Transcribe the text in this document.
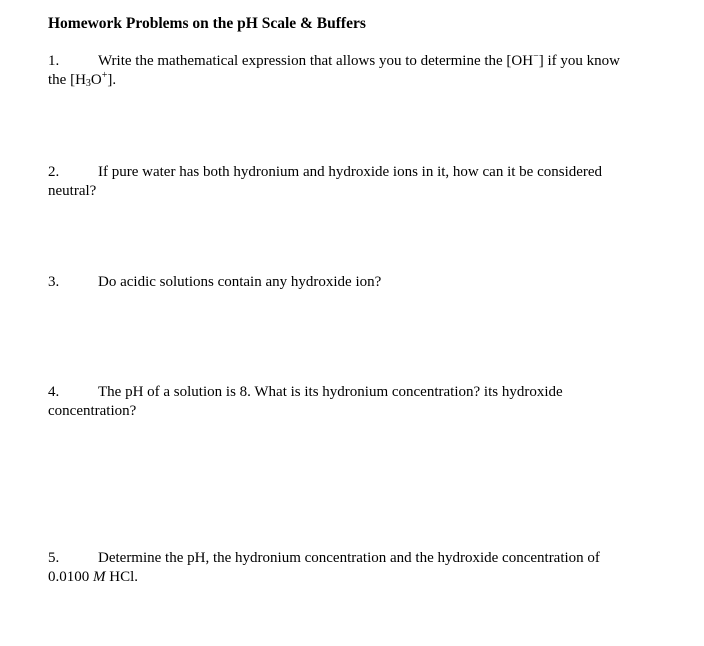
Homework Problems on the pH Scale & Buffers
1.	Write the mathematical expression that allows you to determine the [OH−] if you know
the $[H_3O^+]$.
2.	If pure water has both hydronium and hydroxide ions in it, how can it be considered
neutral?
3.	Do acidic solutions contain any hydroxide ion?
4.	The pH of a solution is 8. What is its hydronium concentration? its hydroxide
concentration?
5.	Determine the pH, the hydronium concentration and the hydroxide concentration of
0.0100 M HCl.
